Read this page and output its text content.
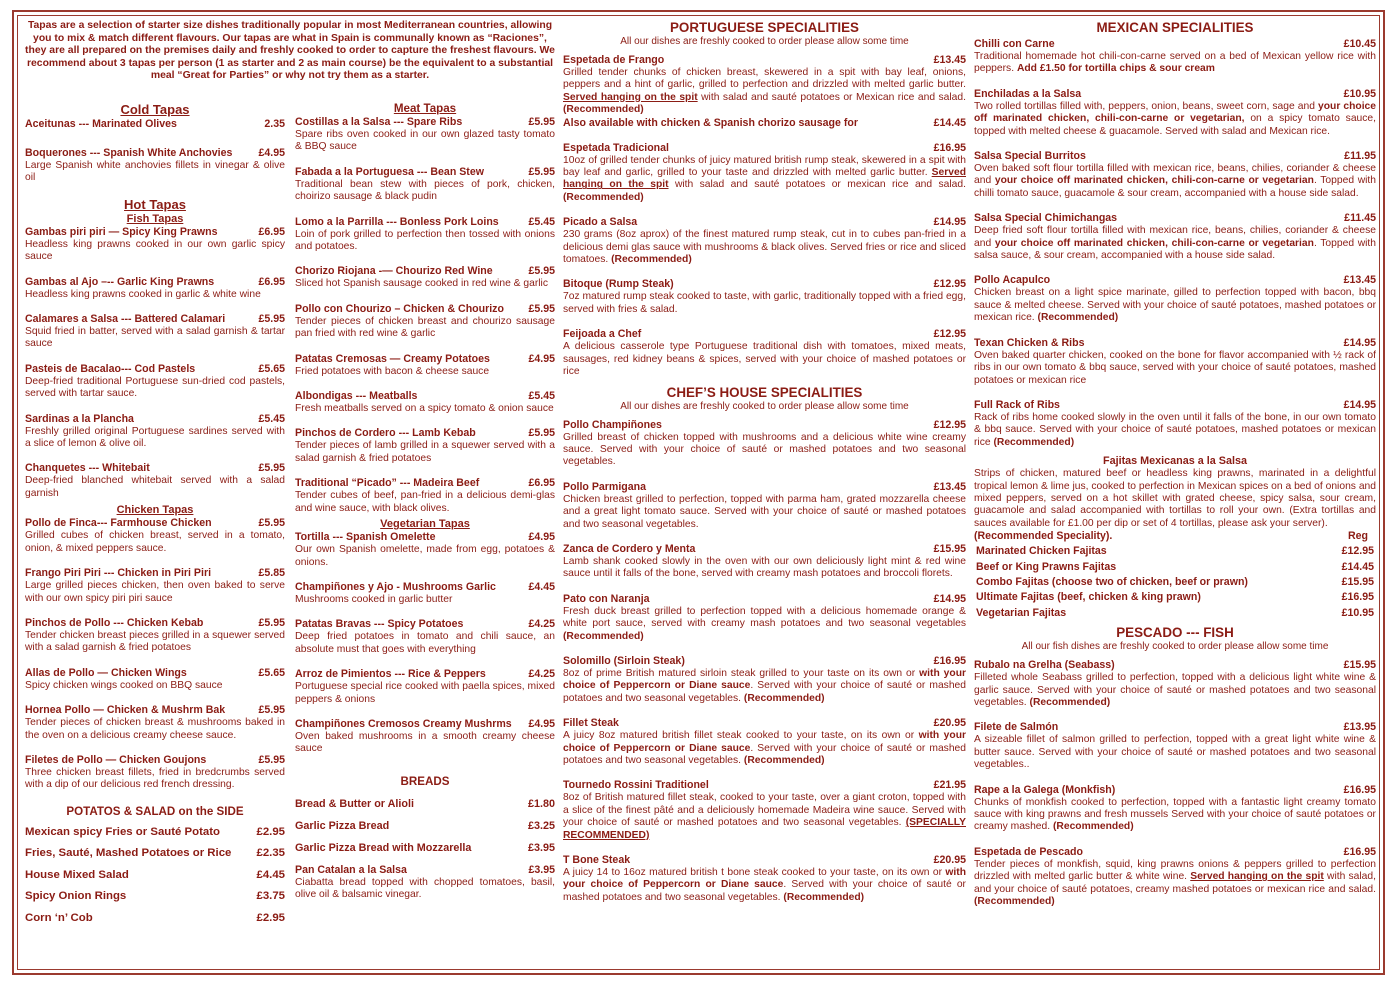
Tapas are a selection of starter size dishes traditionally popular in most Mediterranean countries, allowing you to mix & match different flavours. Our tapas are what in Spain is communally known as “Raciones”, they are all prepared on the premises daily and freshly cooked to order to capture the freshest flavours. We recommend about 3 tapas per person (1 as starter and 2 as main course) be the equivalent to a substantial meal “Great for Parties” or why not try them as a starter.

Cold Tapas

Aceitunas --- Marinated Olives	2.35
Boquerones --- Spanish White Anchovies £4.95
Large Spanish white anchovies fillets in vinegar & olive oil

Hot Tapas

Fish Tapas

Gambas piri piri — Spicy King Prawns	£6.95
Headless king prawns cooked in our own garlic spicy sauce
Gambas al Ajo –-- Garlic King Prawns	£6.95
Headless king prawns cooked in garlic & white wine
Calamares a Salsa --- Battered Calamari	£5.95
Squid fried in batter, served with a salad garnish & tartar sauce
Pasteis de Bacalao--- Cod Pastels	£5.65
Deep-fried traditional Portuguese sun-dried cod pastels, served with tartar sauce.
Sardinas a la Plancha	£5.45
Freshly grilled original Portuguese sardines served with a slice of lemon & olive oil.
Chanquetes --- Whitebait	£5.95
Deep-fried blanched whitebait served with a salad garnish

Chicken Tapas

Pollo de Finca--- Farmhouse Chicken	£5.95
Grilled cubes of chicken breast, served in a tomato, onion, & mixed peppers sauce.
Frango Piri Piri --- Chicken in Piri Piri	£5.85
Large grilled pieces chicken, then oven baked to serve with our own spicy piri piri sauce
Pinchos de Pollo --- Chicken Kebab	£5.95
Tender chicken breast pieces grilled in a squewer served with a salad garnish & fried potatoes
Allas de Pollo — Chicken Wings	£5.65
Spicy chicken wings cooked on BBQ sauce
Hornea Pollo — Chicken & Mushrm Bak	£5.95
Tender pieces of chicken breast & mushrooms baked in the oven on a delicious creamy cheese sauce.
Filetes de Pollo — Chicken Goujons	£5.95
Three chicken breast fillets, fried in bredcrumbs served with a dip of our delicious red french dressing.

POTATOS & SALAD on the SIDE

Mexican spicy Fries or Sauté Potato	£2.95
Fries, Sauté, Mashed Potatoes or Rice £2.35
House Mixed Salad	£4.45
Spicy Onion Rings	£3.75
Corn ‘n’ Cob	£2.95

Meat Tapas

Costillas a la Salsa --- Spare Ribs	£5.95
Spare ribs oven cooked in our own glazed tasty tomato & BBQ sauce
Fabada a la Portuguesa --- Bean Stew	£5.95
Traditional bean stew with pieces of pork, chicken, choirizo sausage & black pudin
Lomo a la Parrilla --- Bonless Pork Loins	£5.45
Loin of pork grilled to perfection then tossed with onions and potatoes.
Chorizo Riojana -— Chourizo Red Wine	£5.95
Sliced hot Spanish sausage cooked in red wine & garlic
Pollo con Chourizo – Chicken & Chourizo £5.95
Tender pieces of chicken breast and chourizo sausage pan fried with red wine & garlic
Patatas Cremosas — Creamy Potatoes	£4.95
Fried potatoes with bacon & cheese sauce
Albondigas --- Meatballs	£5.45
Fresh meatballs served on a spicy tomato & onion sauce
Pinchos de Cordero --- Lamb Kebab	£5.95
Tender pieces of lamb grilled in a squewer served with a salad garnish & fried potatoes
Traditional “Picado” --- Madeira Beef	£6.95
Tender cubes of beef, pan-fried in a delicious demi-glas and wine sauce, with black olives.

Vegetarian Tapas

Tortilla --- Spanish Omelette	£4.95
Our own Spanish omelette, made from egg, potatoes & onions.
Champiñones y Ajo - Mushrooms Garlic	£4.45
Mushrooms cooked in garlic butter
Patatas Bravas --- Spicy Potatoes	£4.25
Deep fried potatoes in tomato and chili sauce, an absolute must that goes with everything
Arroz de Pimientos --- Rice & Peppers	£4.25
Portuguese special rice cooked with paella spices, mixed peppers & onions
Champiñones Cremosos Creamy Mushrms £4.95
Oven baked mushrooms in a smooth creamy cheese sauce

BREADS

Bread & Butter or Alioli	£1.80
Garlic Pizza Bread	£3.25
Garlic Pizza Bread with Mozzarella	£3.95
Pan Catalan a la Salsa	£3.95
Ciabatta bread topped with chopped tomatoes, basil, olive oil & balsamic vinegar.

PORTUGUESE SPECIALITIES

All our dishes are freshly cooked to order please allow some time

Espetada de Frango	£13.45
Grilled tender chunks of chicken breast, skewered in a spit with bay leaf, onions, peppers and a hint of garlic, grilled to perfection and drizzled with melted garlic butter. Served hanging on the spit with salad and sauté potatoes or Mexican rice and salad. (Recommended)
Also available with chicken & Spanish chorizo sausage for	£14.45
Espetada Tradicional	£16.95
10oz of grilled tender chunks of juicy matured british rump steak, skewered in a spit with bay leaf and garlic, grilled to your taste and drizzled with melted garlic butter. Served hanging on the spit with salad and sauté potatoes or mexican rice and salad. (Recommended)
Picado a Salsa	£14.95
230 grams (8oz aprox) of the finest matured rump steak, cut in to cubes pan-fried in a delicious demi glas sauce with mushrooms & black olives. Served fries or rice and sliced tomatoes. (Recommended)
Bitoque (Rump Steak)	£12.95
7oz matured rump steak cooked to taste, with garlic, traditionally topped with a fried egg, served with fries & salad.
Feijoada a Chef	£12.95
A delicious casserole type Portuguese traditional dish with tomatoes, mixed meats, sausages, red kidney beans & spices, served with your choice of mashed potatoes or rice

CHEF’S HOUSE SPECIALITIES

All our dishes are freshly cooked to order please allow some time

Pollo Champiñones	£12.95
Grilled breast of chicken topped with mushrooms and a delicious white wine creamy sauce. Served with your choice of sauté or mashed potatoes and two seasonal vegetables.
Pollo Parmigana	£13.45
Chicken breast grilled to perfection, topped with parma ham, grated mozzarella cheese and a great light tomato sauce. Served with your choice of sauté or mashed potatoes and two seasonal vegetables.
Zanca de Cordero y Menta	£15.95
Lamb shank cooked slowly in the oven with our own deliciously light mint & red wine sauce until it falls of the bone, served with creamy mash potatoes and broccoli florets.
Pato con Naranja	£14.95
Fresh duck breast grilled to perfection topped with a delicious homemade orange & white port sauce, served with creamy mash potatoes and two seasonal vegetables (Recommended)
Solomillo (Sirloin Steak)	£16.95
8oz of prime British matured sirloin steak grilled to your taste on its own or with your choice of Peppercorn or Diane sauce. Served with your choice of sauté or mashed potatoes and two seasonal vegetables. (Recommended)
Fillet Steak	£20.95
A juicy 8oz matured british fillet steak cooked to your taste, on its own or with your choice of Peppercorn or Diane sauce. Served with your choice of sauté or mashed potatoes and two seasonal vegetables. (Recommended)
Tournedo Rossini Traditionel	£21.95
8oz of British matured fillet steak, cooked to your taste, over a giant croton, topped with a slice of the finest pâté and a deliciously homemade Madeira wine sauce. Served with your choice of sauté or mashed potatoes and two seasonal vegetables. (SPECIALLY RECOMMENDED)
T Bone Steak	£20.95
A juicy 14 to 16oz matured british t bone steak cooked to your taste, on its own or with your choice of Peppercorn or Diane sauce. Served with your choice of sauté or mashed potatoes and two seasonal vegetables. (Recommended)

MEXICAN SPECIALITIES

Chilli con Carne	£10.45
Traditional homemade hot chili-con-carne served on a bed of Mexican yellow rice with peppers. Add £1.50 for tortilla chips & sour cream
Enchiladas a la Salsa	£10.95
Two rolled tortillas filled with, peppers, onion, beans, sweet corn, sage and your choice off marinated chicken, chili-con-carne or vegetarian, on a spicy tomato sauce, topped with melted cheese & guacamole. Served with salad and Mexican rice.
Salsa Special Burritos	£11.95
Oven baked soft flour tortilla filled with mexican rice, beans, chilies, coriander & cheese and your choice off marinated chicken, chili-con-carne or vegetarian. Topped with chilli tomato sauce, guacamole & sour cream, accompanied with a house side salad.
Salsa Special Chimichangas	£11.45
Deep fried soft flour tortilla filled with mexican rice, beans, chilies, coriander & cheese and your choice off marinated chicken, chili-con-carne or vegetarian. Topped with salsa sauce, & sour cream, accompanied with a house side salad.
Pollo Acapulco	£13.45
Chicken breast on a light spice marinate, gilled to perfection topped with bacon, bbq sauce & melted cheese. Served with your choice of sauté potatoes, mashed potatoes or mexican rice. (Recommended)
Texan Chicken & Ribs	£14.95
Oven baked quarter chicken, cooked on the bone for flavor accompanied with ½ rack of ribs in our own tomato & bbq sauce, served with your choice of sauté potatoes, mashed potatoes or mexican rice
Full Rack of Ribs	£14.95
Rack of ribs home cooked slowly in the oven until it falls of the bone, in our own tomato & bbq sauce. Served with your choice of sauté potatoes, mashed potatoes or mexican rice (Recommended)

Fajitas Mexicanas a la Salsa

Strips of chicken, matured beef or headless king prawns, marinated in a delightful tropical lemon & lime jus, cooked to perfection in Mexican spices on a bed of onions and mixed peppers, served on a hot skillet with grated cheese, spicy salsa, sour cream, guacamole and salad accompanied with tortillas to roll your own. (Extra tortillas and sauces available for £1.00 per dip or set of 4 tortillas, please ask your server).
(Recommended Speciality).	Reg
Marinated Chicken Fajitas	£12.95
Beef or King Prawns Fajitas	£14.45
Combo Fajitas (choose two of chicken, beef or prawn)	£15.95
Ultimate Fajitas (beef, chicken & king prawn)	£16.95
Vegetarian Fajitas	£10.95

PESCADO --- FISH

All our fish dishes are freshly cooked to order please allow some time

Rubalo na Grelha (Seabass)	£15.95
Filleted whole Seabass grilled to perfection, topped with a delicious light white wine & garlic sauce. Served with your choice of sauté or mashed potatoes and two seasonal vegetables. (Recommended)
Filete de Salmón	£13.95
A sizeable fillet of salmon grilled to perfection, topped with a great light white wine & butter sauce. Served with your choice of sauté or mashed potatoes and two seasonal vegetables..
Rape a la Galega (Monkfish)	£16.95
Chunks of monkfish cooked to perfection, topped with a fantastic light creamy tomato sauce with king prawns and fresh mussels Served with your choice of sauté potatoes or creamy mashed. (Recommended)
Espetada de Pescado	£16.95
Tender pieces of monkfish, squid, king prawns onions & peppers grilled to perfection drizzled with melted garlic butter & white wine. Served hanging on the spit with salad, and your choice of sauté potatoes, creamy mashed potatoes or mexican rice and salad. (Recommended)
